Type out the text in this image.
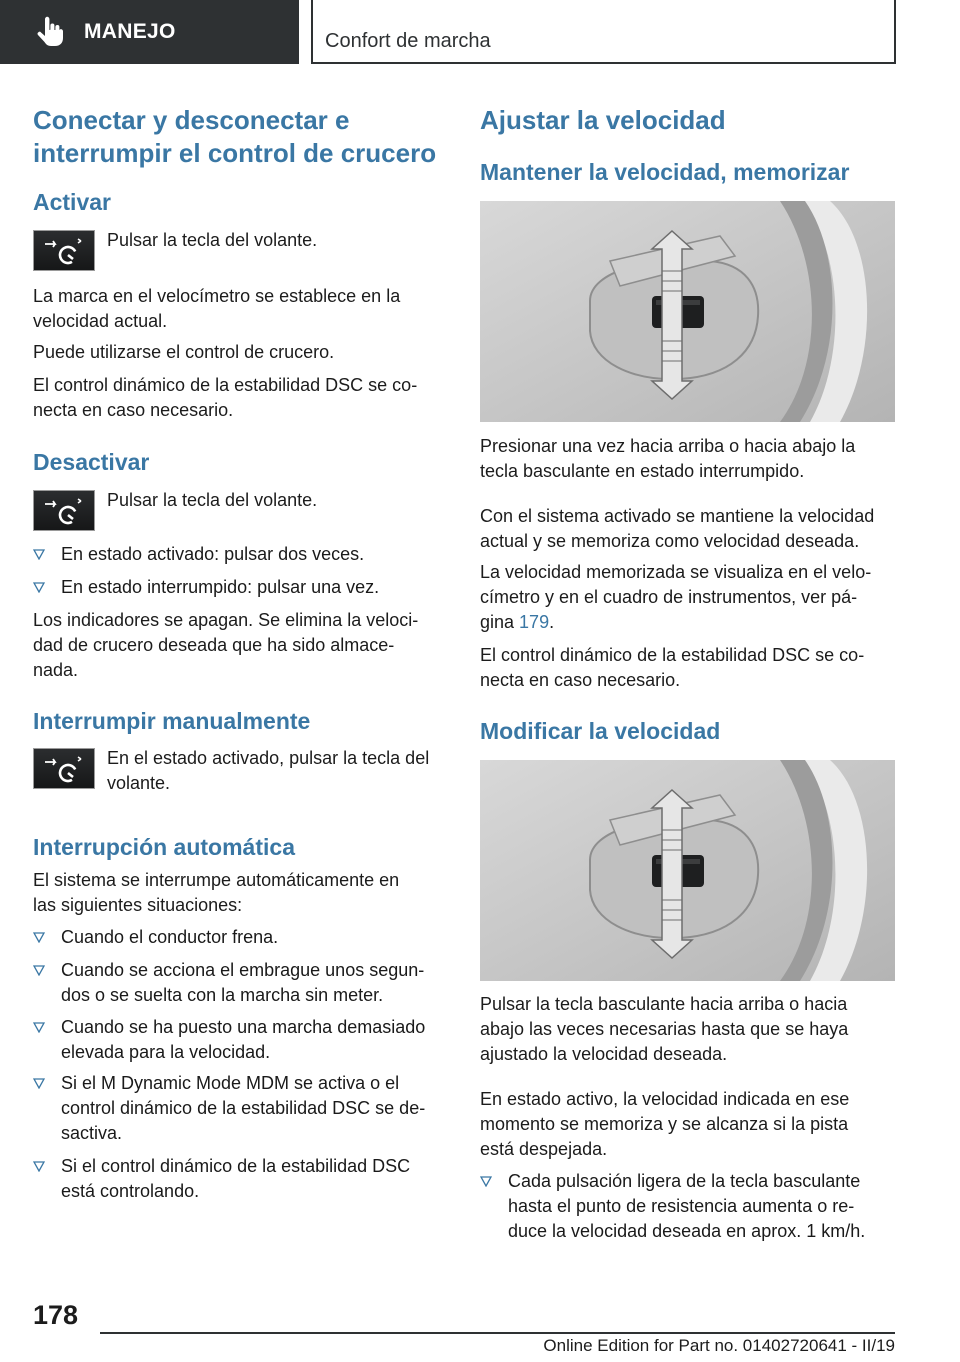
MANEJO	Confort de marcha
Conectar y desconectar e
interrumpir el control de crucero
Activar

Pulsar la tecla del volante.

La marca en el velocímetro se establece en la

velocidad actual.

Puede utilizarse el control de crucero.

El control dinámico de la estabilidad DSC se co‐

necta en caso necesario.

Desactivar

Pulsar la tecla del volante.

En estado activado: pulsar dos veces.
En estado interrumpido: pulsar una vez.

Los indicadores se apagan. Se elimina la veloci‐

dad de crucero deseada que ha sido almace‐

nada.

Interrumpir manualmente

En el estado activado, pulsar la tecla del

volante.

Interrupción automática

El sistema se interrumpe automáticamente en

las siguientes situaciones:

Cuando el conductor frena.
Cuando se acciona el embrague unos segun‐
dos o se suelta con la marcha sin meter.
Cuando se ha puesto una marcha demasiado
elevada para la velocidad.
Si el M Dynamic Mode MDM se activa o el
control dinámico de la estabilidad DSC se de‐
sactiva.
Si el control dinámico de la estabilidad DSC
está controlando.
Ajustar la velocidad
Mantener la velocidad, memorizar

Presionar una vez hacia arriba o hacia abajo la

tecla basculante en estado interrumpido.

Con el sistema activado se mantiene la velocidad

actual y se memoriza como velocidad deseada.

La velocidad memorizada se visualiza en el velo‐

címetro y en el cuadro de instrumentos, ver pá‐

gina 179.

El control dinámico de la estabilidad DSC se co‐

necta en caso necesario.

Modificar la velocidad

Pulsar la tecla basculante hacia arriba o hacia

abajo las veces necesarias hasta que se haya

ajustado la velocidad deseada.

En estado activo, la velocidad indicada en ese

momento se memoriza y se alcanza si la pista

está despejada.

Cada pulsación ligera de la tecla basculante
hasta el punto de resistencia aumenta o re‐
duce la velocidad deseada en aprox. 1 km/h.
178
Online Edition for Part no. 01402720641 - II/19
